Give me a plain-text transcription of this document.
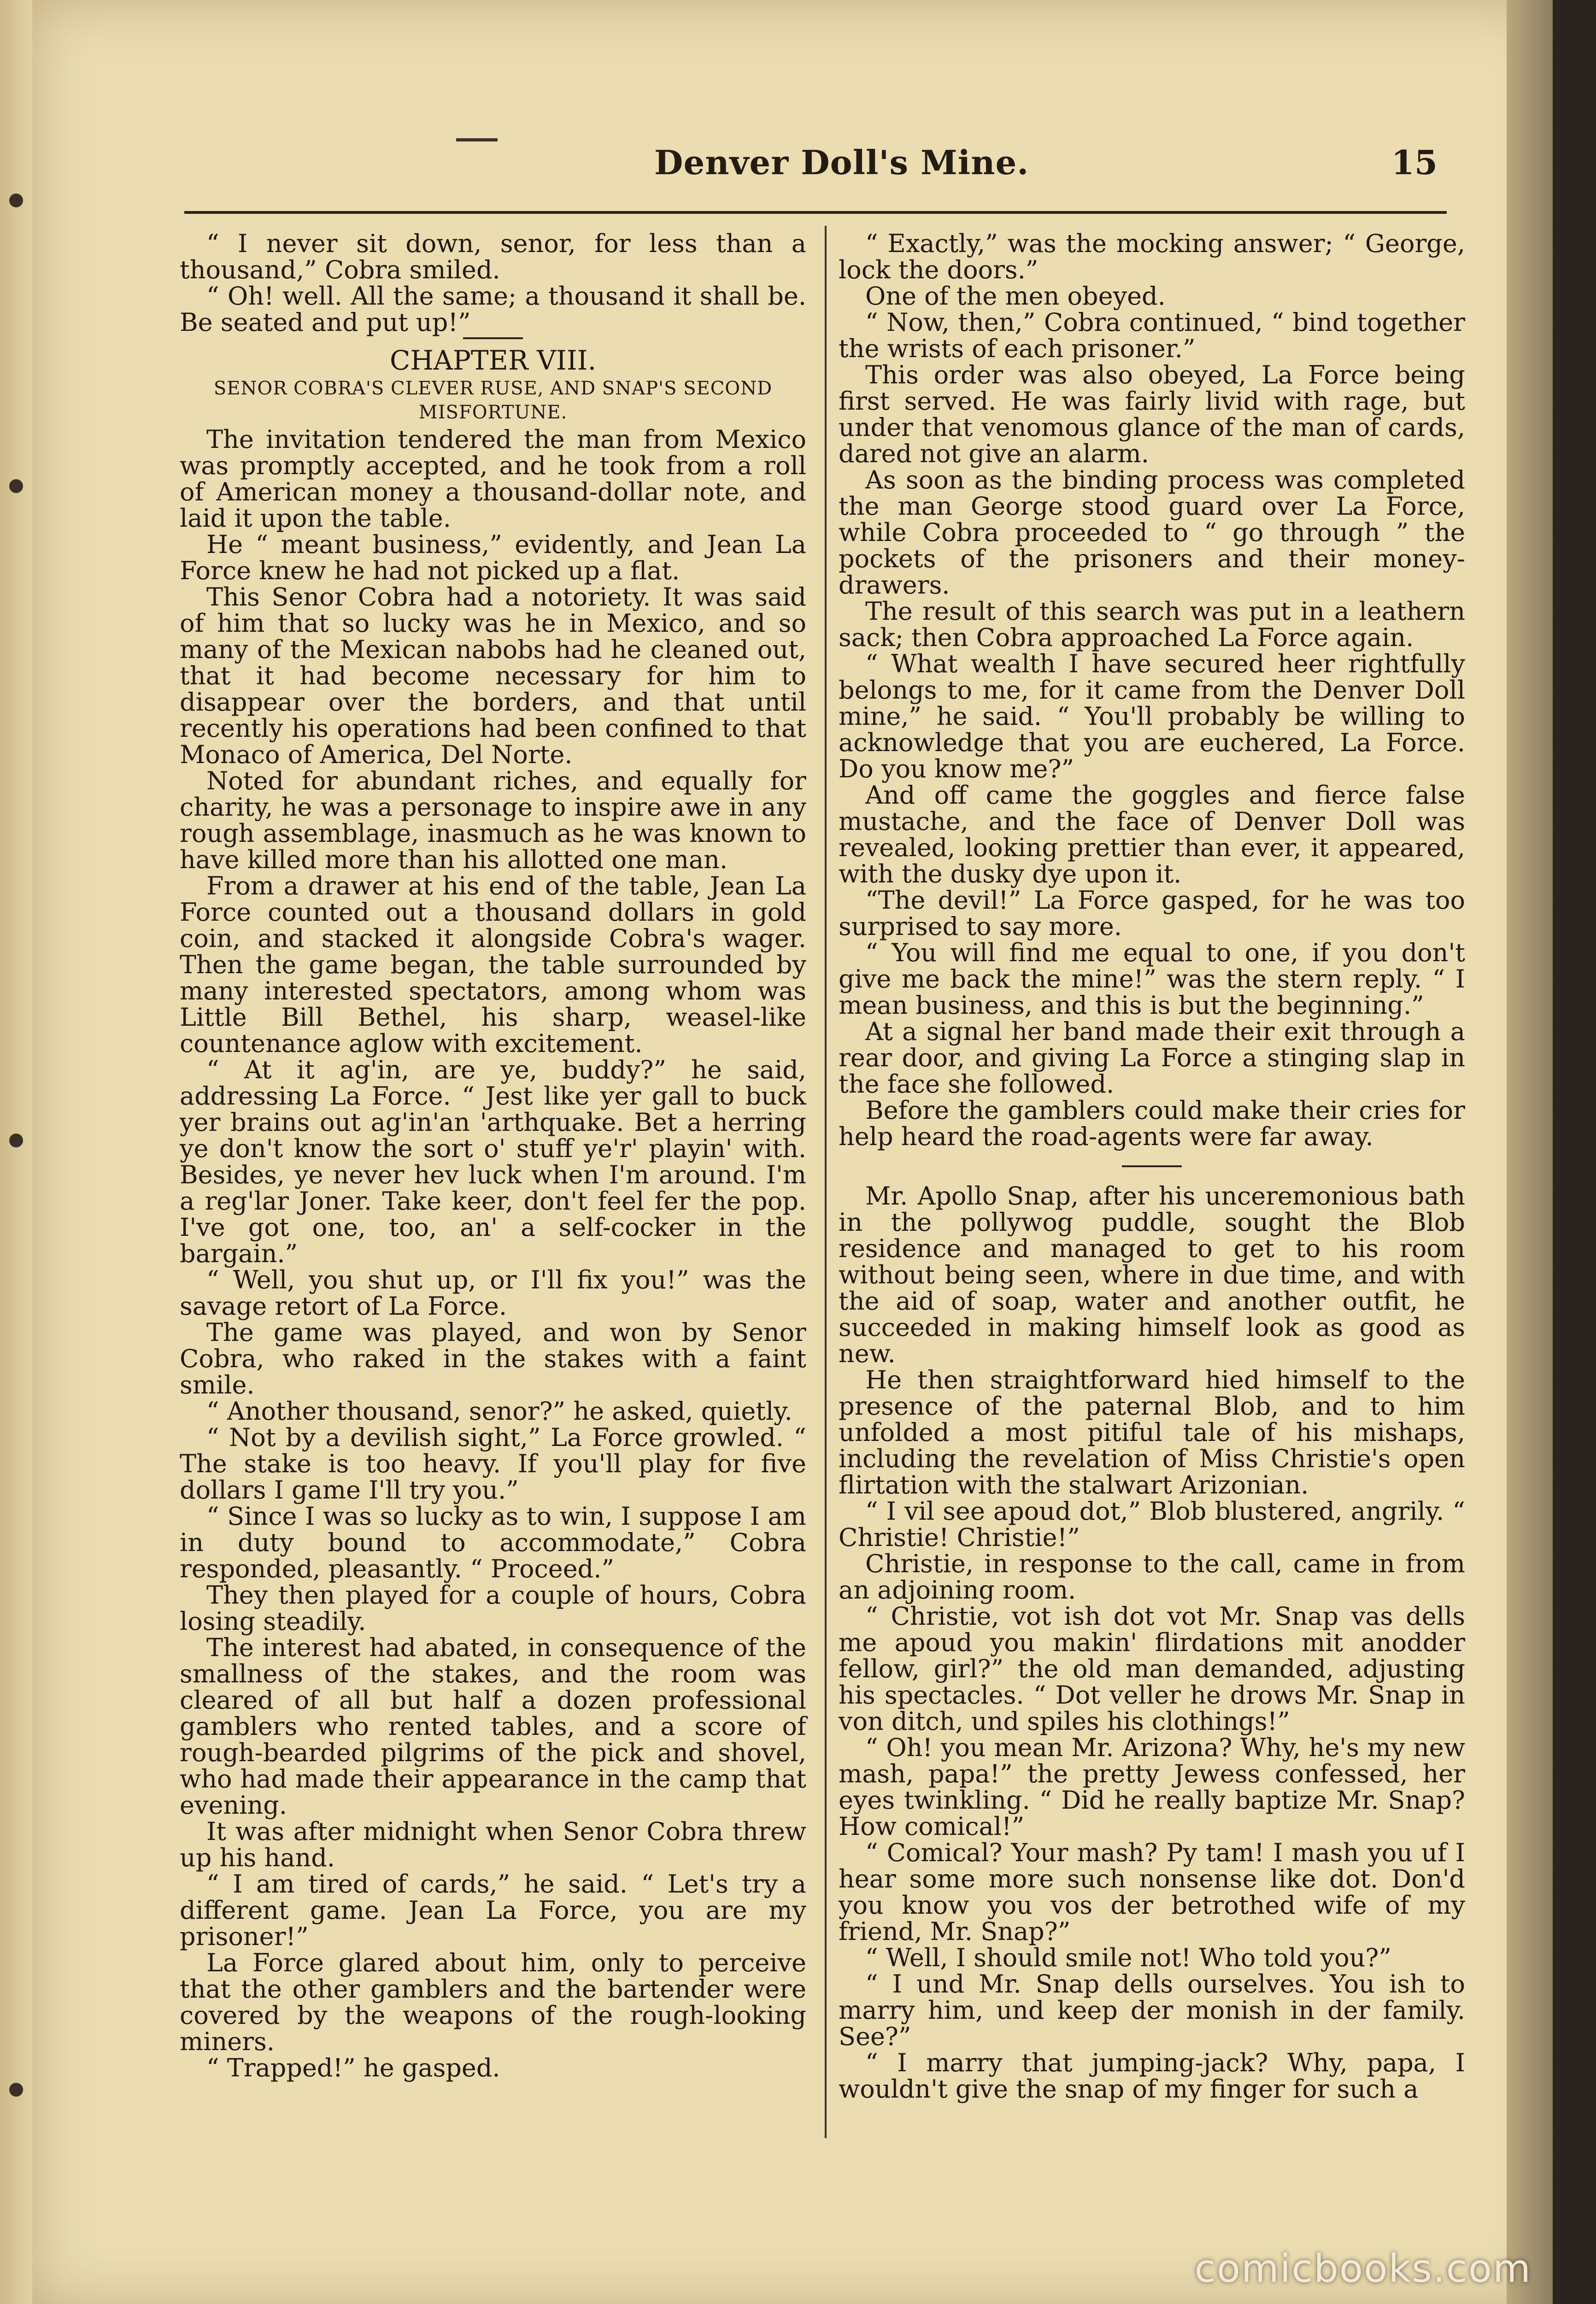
Denver Doll's Mine.	15

“ I never sit down, senor, for less than a thousand,” Cobra smiled.

“ Oh! well. All the same; a thousand it shall be. Be seated and put up!”

CHAPTER VIII.
SENOR COBRA'S CLEVER RUSE, AND SNAP'S SECOND MISFORTUNE.

The invitation tendered the man from Mexico was promptly accepted, and he took from a roll of American money a thousand-dollar note, and laid it upon the table.

He “ meant business,” evidently, and Jean La Force knew he had not picked up a flat.

This Senor Cobra had a notoriety. It was said of him that so lucky was he in Mexico, and so many of the Mexican nabobs had he cleaned out, that it had become necessary for him to disappear over the borders, and that until recently his operations had been confined to that Monaco of America, Del Norte.

Noted for abundant riches, and equally for charity, he was a personage to inspire awe in any rough assemblage, inasmuch as he was known to have killed more than his allotted one man.

From a drawer at his end of the table, Jean La Force counted out a thousand dollars in gold coin, and stacked it alongside Cobra's wager. Then the game began, the table surrounded by many interested spectators, among whom was Little Bill Bethel, his sharp, weasel-like countenance aglow with excitement.

“ At it ag'in, are ye, buddy?” he said, addressing La Force. “ Jest like yer gall to buck yer brains out ag'in'an 'arthquake. Bet a herring ye don't know the sort o' stuff ye'r' playin' with. Besides, ye never hev luck when I'm around. I'm a reg'lar Joner. Take keer, don't feel fer the pop. I've got one, too, an' a self-cocker in the bargain.”

“ Well, you shut up, or I'll fix you!” was the savage retort of La Force.

The game was played, and won by Senor Cobra, who raked in the stakes with a faint smile.

“ Another thousand, senor?” he asked, quietly.

“ Not by a devilish sight,” La Force growled. “ The stake is too heavy. If you'll play for five dollars I game I'll try you.”

“ Since I was so lucky as to win, I suppose I am in duty bound to accommodate,” Cobra responded, pleasantly. “ Proceed.”

They then played for a couple of hours, Cobra losing steadily.

The interest had abated, in consequence of the smallness of the stakes, and the room was cleared of all but half a dozen professional gamblers who rented tables, and a score of rough-bearded pilgrims of the pick and shovel, who had made their appearance in the camp that evening.

It was after midnight when Senor Cobra threw up his hand.

“ I am tired of cards,” he said. “ Let's try a different game. Jean La Force, you are my prisoner!”

La Force glared about him, only to perceive that the other gamblers and the bartender were covered by the weapons of the rough-looking miners.

“ Trapped!” he gasped.

“ Exactly,” was the mocking answer; “ George, lock the doors.”

One of the men obeyed.

“ Now, then,” Cobra continued, “ bind together the wrists of each prisoner.”

This order was also obeyed, La Force being first served. He was fairly livid with rage, but under that venomous glance of the man of cards, dared not give an alarm.

As soon as the binding process was completed the man George stood guard over La Force, while Cobra proceeded to “ go through ” the pockets of the prisoners and their money-drawers.

The result of this search was put in a leathern sack; then Cobra approached La Force again.

“ What wealth I have secured heer rightfully belongs to me, for it came from the Denver Doll mine,” he said. “ You'll probably be willing to acknowledge that you are euchered, La Force. Do you know me?”

And off came the goggles and fierce false mustache, and the face of Denver Doll was revealed, looking prettier than ever, it appeared, with the dusky dye upon it.

“The devil!” La Force gasped, for he was too surprised to say more.

“ You will find me equal to one, if you don't give me back the mine!” was the stern reply. “ I mean business, and this is but the beginning.”

At a signal her band made their exit through a rear door, and giving La Force a stinging slap in the face she followed.

Before the gamblers could make their cries for help heard the road-agents were far away.

Mr. Apollo Snap, after his unceremonious bath in the pollywog puddle, sought the Blob residence and managed to get to his room without being seen, where in due time, and with the aid of soap, water and another outfit, he succeeded in making himself look as good as new.

He then straightforward hied himself to the presence of the paternal Blob, and to him unfolded a most pitiful tale of his mishaps, including the revelation of Miss Christie's open flirtation with the stalwart Arizonian.

“ I vil see apoud dot,” Blob blustered, angrily. “ Christie! Christie!”

Christie, in response to the call, came in from an adjoining room.

“ Christie, vot ish dot vot Mr. Snap vas dells me apoud you makin' flirdations mit anodder fellow, girl?” the old man demanded, adjusting his spectacles. “ Dot veller he drows Mr. Snap in von ditch, und spiles his clothings!”

“ Oh! you mean Mr. Arizona? Why, he's my new mash, papa!” the pretty Jewess confessed, her eyes twinkling. “ Did he really baptize Mr. Snap? How comical!”

“ Comical? Your mash? Py tam! I mash you uf I hear some more such nonsense like dot. Don'd you know you vos der betrothed wife of my friend, Mr. Snap?”

“ Well, I should smile not! Who told you?”

“ I und Mr. Snap dells ourselves. You ish to marry him, und keep der monish in der family. See?”

“ I marry that jumping-jack? Why, papa, I wouldn't give the snap of my finger for such a

comicbooks.com
